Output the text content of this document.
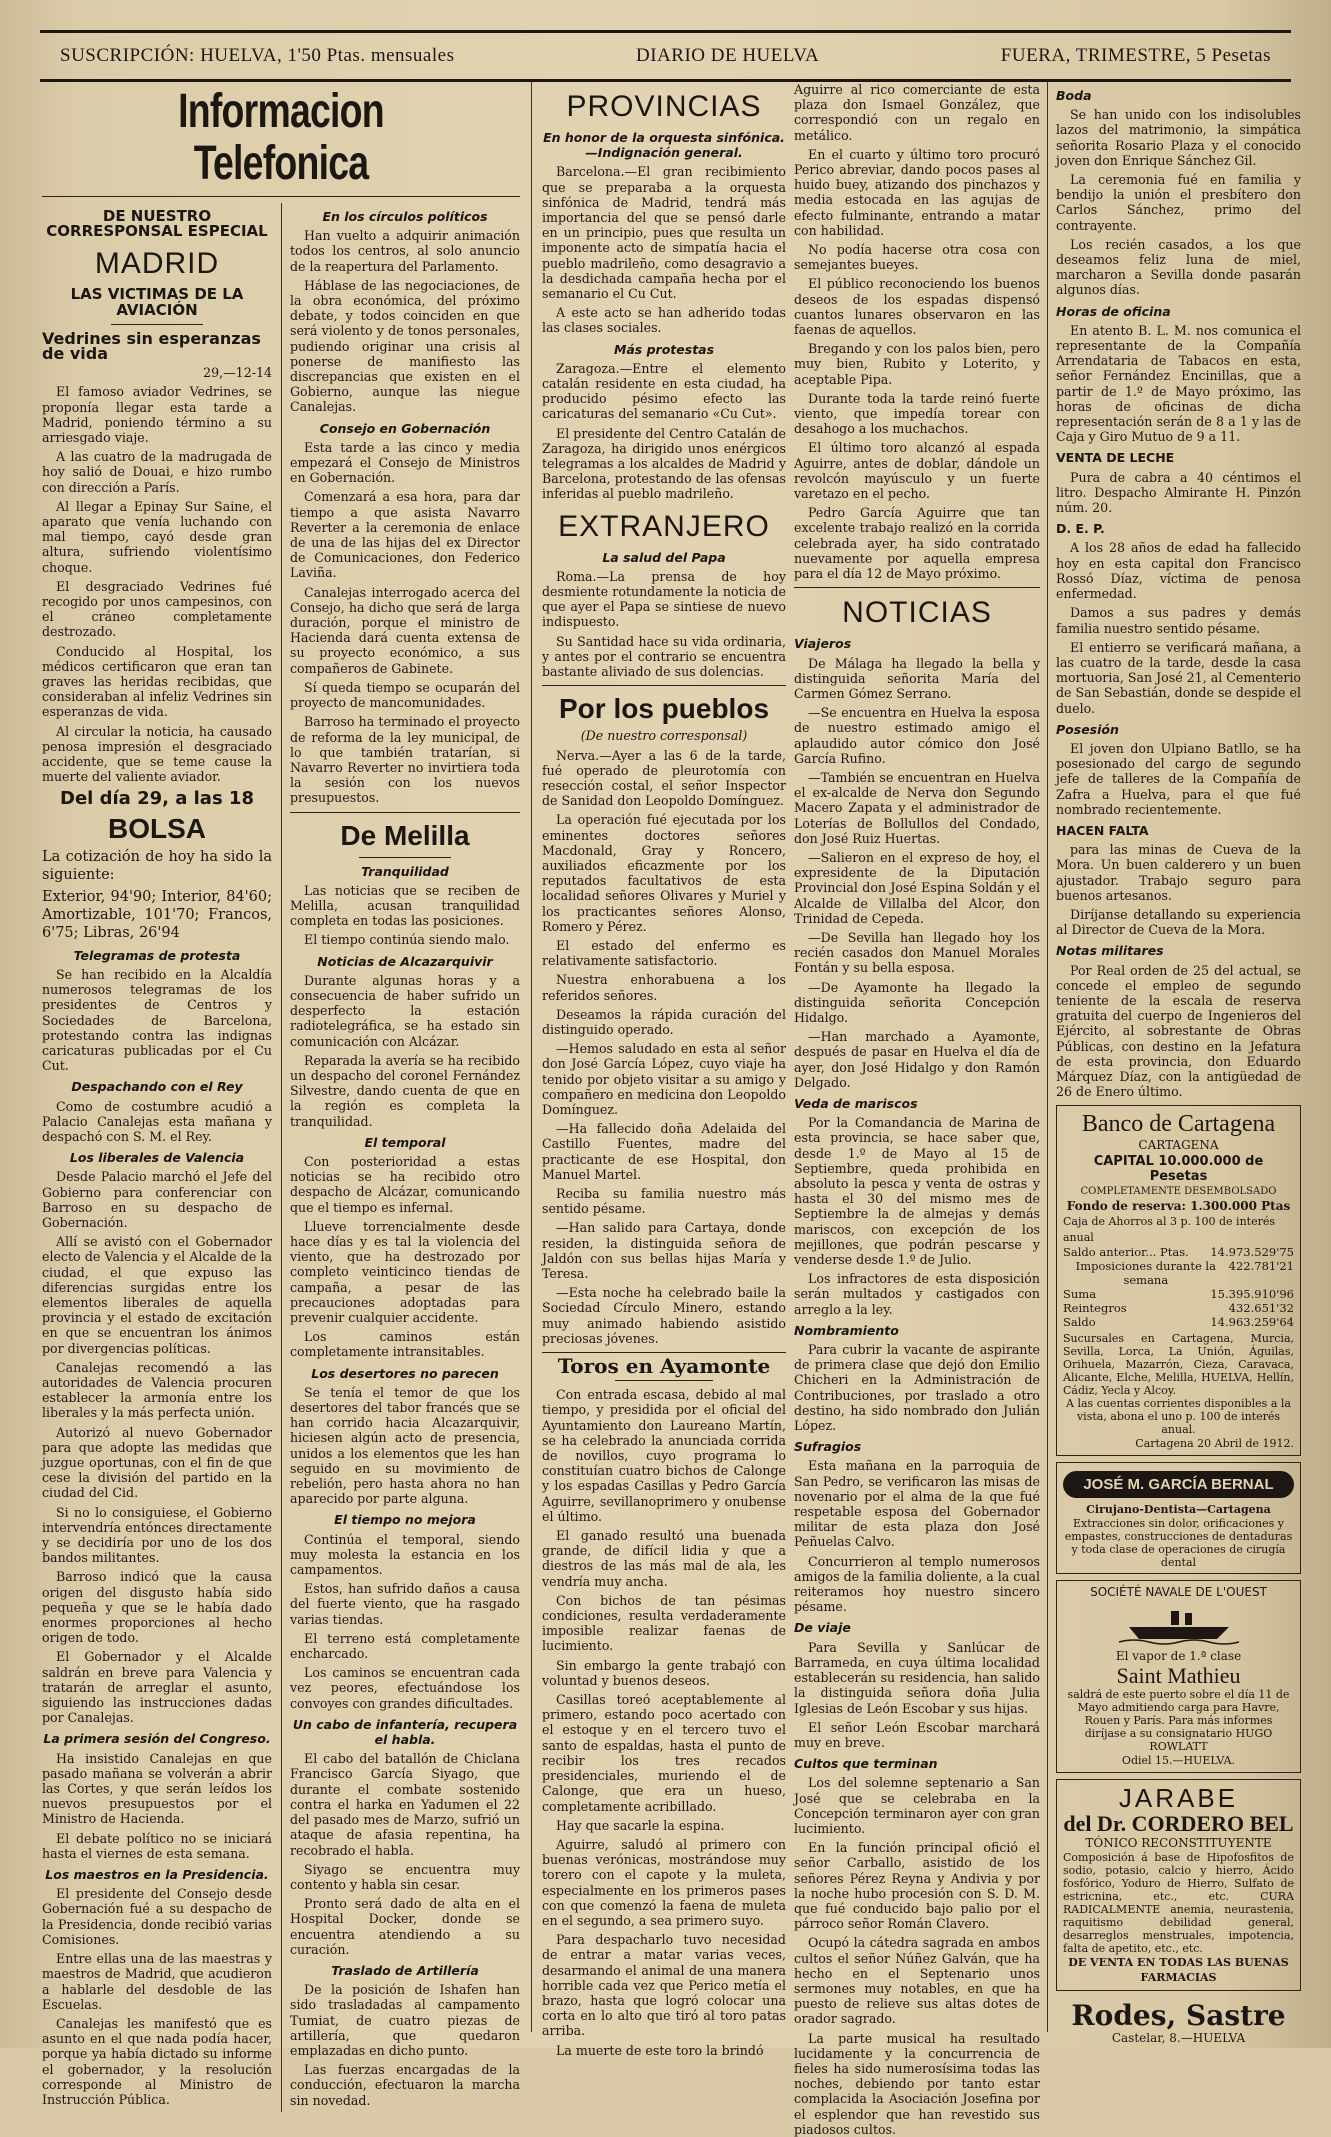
SUSCRIPCIÓN: HUELVA, 1'50 Ptas. mensuales	DIARIO DE HUELVA	FUERA, TRIMESTRE, 5 Pesetas
Informacion Telefonica
DE NUESTRO CORRESPONSAL ESPECIAL
MADRID
LAS VICTIMAS DE LA AVIACIÓN
Vedrines sin esperanzas de vida

29,—12-14

El famoso aviador Vedrines, se proponía llegar esta tarde a Madrid, poniendo término a su arriesgado viaje.

A las cuatro de la madrugada de hoy salió de Douai, e hizo rumbo con dirección a París.

Al llegar a Epinay Sur Saine, el aparato que venía luchando con mal tiempo, cayó desde gran altura, sufriendo violentísimo choque.

El desgraciado Vedrines fué recogido por unos campesinos, con el cráneo completamente destrozado.

Conducido al Hospital, los médicos certificaron que eran tan graves las heridas recibidas, que consideraban al infeliz Vedrines sin esperanzas de vida.

Al circular la noticia, ha causado penosa impresión el desgraciado accidente, que se teme cause la muerte del valiente aviador.

Del día 29, a las 18
BOLSA

La cotización de hoy ha sido la siguiente:

Exterior, 94'90; Interior, 84'60; Amortizable, 101'70; Francos, 6'75; Libras, 26'94

Telegramas de protesta

Se han recibido en la Alcaldía numerosos telegramas de los presidentes de Centros y Sociedades de Barcelona, protestando contra las indignas caricaturas publicadas por el Cu Cut.

Despachando con el Rey

Como de costumbre acudió a Palacio Canalejas esta mañana y despachó con S. M. el Rey.

Los liberales de Valencia

Desde Palacio marchó el Jefe del Gobierno para conferenciar con Barroso en su despacho de Gobernación.

Allí se avistó con el Gobernador electo de Valencia y el Alcalde de la ciudad, el que expuso las diferencias surgidas entre los elementos liberales de aquella provincia y el estado de excitación en que se encuentran los ánimos por divergencias políticas.

Canalejas recomendó a las autoridades de Valencia procuren establecer la armonía entre los liberales y la más perfecta unión.

Autorizó al nuevo Gobernador para que adopte las medidas que juzgue oportunas, con el fin de que cese la división del partido en la ciudad del Cid.

Si no lo consiguiese, el Gobierno intervendría entónces directamente y se decidiría por uno de los dos bandos militantes.

Barroso indicó que la causa origen del disgusto había sido pequeña y que se le había dado enormes proporciones al hecho origen de todo.

El Gobernador y el Alcalde saldrán en breve para Valencia y tratarán de arreglar el asunto, siguiendo las instrucciones dadas por Canalejas.

La primera sesión del Congreso.

Ha insistido Canalejas en que pasado mañana se volverán a abrir las Cortes, y que serán leídos los nuevos presupuestos por el Ministro de Hacienda.

El debate político no se iniciará hasta el viernes de esta semana.

Los maestros en la Presidencia.

El presidente del Consejo desde Gobernación fué a su despacho de la Presidencia, donde recibió varias Comisiones.

Entre ellas una de las maestras y maestros de Madrid, que acudieron a hablarle del desdoble de las Escuelas.

Canalejas les manifestó que es asunto en el que nada podía hacer, porque ya había dictado su informe el gobernador, y la resolución corresponde al Ministro de Instrucción Pública.

En los círculos políticos

Han vuelto a adquirir animación todos los centros, al solo anuncio de la reapertura del Parlamento.

Háblase de las negociaciones, de la obra económica, del próximo debate, y todos coinciden en que será violento y de tonos personales, pudiendo originar una crisis al ponerse de manifiesto las discrepancias que existen en el Gobierno, aunque las niegue Canalejas.

Consejo en Gobernación

Esta tarde a las cinco y media empezará el Consejo de Ministros en Gobernación.

Comenzará a esa hora, para dar tiempo a que asista Navarro Reverter a la ceremonia de enlace de una de las hijas del ex Director de Comunicaciones, don Federico Laviña.

Canalejas interrogado acerca del Consejo, ha dicho que será de larga duración, porque el ministro de Hacienda dará cuenta extensa de su proyecto económico, a sus compañeros de Gabinete.

Sí queda tiempo se ocuparán del proyecto de mancomunidades.

Barroso ha terminado el proyecto de reforma de la ley municipal, de lo que también tratarían, si Navarro Reverter no invirtiera toda la sesión con los nuevos presupuestos.

De Melilla
Tranquilidad

Las noticias que se reciben de Melilla, acusan tranquilidad completa en todas las posiciones.

El tiempo continúa siendo malo.

Noticias de Alcazarquivir

Durante algunas horas y a consecuencia de haber sufrido un desperfecto la estación radiotelegráfica, se ha estado sin comunicación con Alcázar.

Reparada la avería se ha recibido un despacho del coronel Fernández Silvestre, dando cuenta de que en la región es completa la tranquilidad.

El temporal

Con posterioridad a estas noticias se ha recibido otro despacho de Alcázar, comunicando que el tiempo es infernal.

Llueve torrencialmente desde hace días y es tal la violencia del viento, que ha destrozado por completo veinticinco tiendas de campaña, a pesar de las precauciones adoptadas para prevenir cualquier accidente.

Los caminos están completamente intransitables.

Los desertores no parecen

Se tenía el temor de que los desertores del tabor francés que se han corrido hacia Alcazarquivir, hiciesen algún acto de presencia, unidos a los elementos que les han seguido en su movimiento de rebelión, pero hasta ahora no han aparecido por parte alguna.

El tiempo no mejora

Continúa el temporal, siendo muy molesta la estancia en los campamentos.

Estos, han sufrido daños a causa del fuerte viento, que ha rasgado varias tiendas.

El terreno está completamente encharcado.

Los caminos se encuentran cada vez peores, efectuándose los convoyes con grandes dificultades.

Un cabo de infantería, recupera el habla.

El cabo del batallón de Chiclana Francisco García Siyago, que durante el combate sostenido contra el harka en Yadumen el 22 del pasado mes de Marzo, sufrió un ataque de afasia repentina, ha recobrado el habla.

Siyago se encuentra muy contento y habla sin cesar.

Pronto será dado de alta en el Hospital Docker, donde se encuentra atendiendo a su curación.

Traslado de Artillería

De la posición de Ishafen han sido trasladadas al campamento Tumiat, de cuatro piezas de artillería, que quedaron emplazadas en dicho punto.

Las fuerzas encargadas de la conducción, efectuaron la marcha sin novedad.

PROVINCIAS
En honor de la orquesta sinfónica.—Indignación general.

Barcelona.—El gran recibimiento que se preparaba a la orquesta sinfónica de Madrid, tendrá más importancia del que se pensó darle en un principio, pues que resulta un imponente acto de simpatía hacia el pueblo madrileño, como desagravio a la desdichada campaña hecha por el semanario el Cu Cut.

A este acto se han adherido todas las clases sociales.

Más protestas

Zaragoza.—Entre el elemento catalán residente en esta ciudad, ha producido pésimo efecto las caricaturas del semanario «Cu Cut».

El presidente del Centro Catalán de Zaragoza, ha dirigido unos enérgicos telegramas a los alcaldes de Madrid y Barcelona, protestando de las ofensas inferidas al pueblo madrileño.

EXTRANJERO
La salud del Papa

Roma.—La prensa de hoy desmiente rotundamente la noticia de que ayer el Papa se sintiese de nuevo indispuesto.

Su Santidad hace su vida ordinaria, y antes por el contrario se encuentra bastante aliviado de sus dolencias.

Por los pueblos

(De nuestro corresponsal)

Nerva.—Ayer a las 6 de la tarde, fué operado de pleurotomía con resección costal, el señor Inspector de Sanidad don Leopoldo Domínguez.

La operación fué ejecutada por los eminentes doctores señores Macdonald, Gray y Roncero, auxiliados eficazmente por los reputados facultativos de esta localidad señores Olivares y Muriel y los practicantes señores Alonso, Romero y Pérez.

El estado del enfermo es relativamente satisfactorio.

Nuestra enhorabuena a los referidos señores.

Deseamos la rápida curación del distinguido operado.

—Hemos saludado en esta al señor don José García López, cuyo viaje ha tenido por objeto visitar a su amigo y compañero en medicina don Leopoldo Domínguez.

—Ha fallecido doña Adelaida del Castillo Fuentes, madre del practicante de ese Hospital, don Manuel Martel.

Reciba su familia nuestro más sentido pésame.

—Han salido para Cartaya, donde residen, la distinguida señora de Jaldón con sus bellas hijas María y Teresa.

—Esta noche ha celebrado baile la Sociedad Círculo Minero, estando muy animado habiendo asistido preciosas jóvenes.

Toros en Ayamonte

Con entrada escasa, debido al mal tiempo, y presidida por el oficial del Ayuntamiento don Laureano Martín, se ha celebrado la anunciada corrida de novillos, cuyo programa lo constituían cuatro bichos de Calonge y los espadas Casillas y Pedro García Aguirre, sevillanoprimero y onubense el último.

El ganado resultó una buenada grande, de difícil lidia y que a diestros de las más mal de ala, les vendría muy ancha.

Con bichos de tan pésimas condiciones, resulta verdaderamente imposible realizar faenas de lucimiento.

Sin embargo la gente trabajó con voluntad y buenos deseos.

Casillas toreó aceptablemente al primero, estando poco acertado con el estoque y en el tercero tuvo el santo de espaldas, hasta el punto de recibir los tres recados presidenciales, muriendo el de Calonge, que era un hueso, completamente acribillado.

Hay que sacarle la espina.

Aguirre, saludó al primero con buenas verónicas, mostrándose muy torero con el capote y la muleta, especialmente en los primeros pases con que comenzó la faena de muleta en el segundo, a sea primero suyo.

Para despacharlo tuvo necesidad de entrar a matar varias veces, desarmando el animal de una manera horrible cada vez que Perico metía el brazo, hasta que logró colocar una corta en lo alto que tiró al toro patas arriba.

La muerte de este toro la brindó

Aguirre al rico comerciante de esta plaza don Ismael González, que correspondió con un regalo en metálico.

En el cuarto y último toro procuró Perico abreviar, dando pocos pases al huido buey, atizando dos pinchazos y media estocada en las agujas de efecto fulminante, entrando a matar con habilidad.

No podía hacerse otra cosa con semejantes bueyes.

El público reconociendo los buenos deseos de los espadas dispensó cuantos lunares observaron en las faenas de aquellos.

Bregando y con los palos bien, pero muy bien, Rubito y Loterito, y aceptable Pipa.

Durante toda la tarde reinó fuerte viento, que impedía torear con desahogo a los muchachos.

El último toro alcanzó al espada Aguirre, antes de doblar, dándole un revolcón mayúsculo y un fuerte varetazo en el pecho.

Pedro García Aguirre que tan excelente trabajo realizó en la corrida celebrada ayer, ha sido contratado nuevamente por aquella empresa para el día 12 de Mayo próximo.

NOTICIAS
Viajeros

De Málaga ha llegado la bella y distinguida señorita María del Carmen Gómez Serrano.

—Se encuentra en Huelva la esposa de nuestro estimado amigo el aplaudido autor cómico don José García Rufino.

—También se encuentran en Huelva el ex-alcalde de Nerva don Segundo Macero Zapata y el administrador de Loterías de Bollullos del Condado, don José Ruiz Huertas.

—Salieron en el expreso de hoy, el expresidente de la Diputación Provincial don José Espina Soldán y el Alcalde de Villalba del Alcor, don Trinidad de Cepeda.

—De Sevilla han llegado hoy los recién casados don Manuel Morales Fontán y su bella esposa.

—De Ayamonte ha llegado la distinguida señorita Concepción Hidalgo.

—Han marchado a Ayamonte, después de pasar en Huelva el día de ayer, don José Hidalgo y don Ramón Delgado.

Veda de mariscos

Por la Comandancia de Marina de esta provincia, se hace saber que, desde 1.º de Mayo al 15 de Septiembre, queda prohibida en absoluto la pesca y venta de ostras y hasta el 30 del mismo mes de Septiembre la de almejas y demás mariscos, con excepción de los mejillones, que podrán pescarse y venderse desde 1.º de Julio.

Los infractores de esta disposición serán multados y castigados con arreglo a la ley.

Nombramiento

Para cubrir la vacante de aspirante de primera clase que dejó don Emilio Chicheri en la Administración de Contribuciones, por traslado a otro destino, ha sido nombrado don Julián López.

Sufragios

Esta mañana en la parroquia de San Pedro, se verificaron las misas de novenario por el alma de la que fué respetable esposa del Gobernador militar de esta plaza don José Peñuelas Calvo.

Concurrieron al templo numerosos amigos de la familia doliente, a la cual reiteramos hoy nuestro sincero pésame.

De viaje

Para Sevilla y Sanlúcar de Barrameda, en cuya última localidad establecerán su residencia, han salido la distinguida señora doña Julia Iglesias de León Escobar y sus hijas.

El señor León Escobar marchará muy en breve.

Cultos que terminan

Los del solemne septenario a San José que se celebraba en la Concepción terminaron ayer con gran lucimiento.

En la función principal ofició el señor Carballo, asistido de los señores Pérez Reyna y Andivia y por la noche hubo procesión con S. D. M. que fué conducido bajo palio por el párroco señor Román Clavero.

Ocupó la cátedra sagrada en ambos cultos el señor Núñez Galván, que ha hecho en el Septenario unos sermones muy notables, en que ha puesto de relieve sus altas dotes de orador sagrado.

La parte musical ha resultado lucidamente y la concurrencia de fieles ha sido numerosísima todas las noches, debiendo por tanto estar complacida la Asociación Josefina por el esplendor que han revestido sus piadosos cultos.

Boda

Se han unido con los indisolubles lazos del matrimonio, la simpática señorita Rosario Plaza y el conocido joven don Enrique Sánchez Gil.

La ceremonia fué en familia y bendijo la unión el presbítero don Carlos Sánchez, primo del contrayente.

Los recién casados, a los que deseamos feliz luna de miel, marcharon a Sevilla donde pasarán algunos días.

Horas de oficina

En atento B. L. M. nos comunica el representante de la Compañía Arrendataria de Tabacos en esta, señor Fernández Encinillas, que a partir de 1.º de Mayo próximo, las horas de oficinas de dicha representación serán de 8 a 1 y las de Caja y Giro Mutuo de 9 a 11.

VENTA DE LECHE

Pura de cabra a 40 céntimos el litro. Despacho Almirante H. Pinzón núm. 20.

D. E. P.

A los 28 años de edad ha fallecido hoy en esta capital don Francisco Rossó Díaz, víctima de penosa enfermedad.

Damos a sus padres y demás familia nuestro sentido pésame.

El entierro se verificará mañana, a las cuatro de la tarde, desde la casa mortuoria, San José 21, al Cementerio de San Sebastián, donde se despide el duelo.

Posesión

El joven don Ulpiano Batllo, se ha posesionado del cargo de segundo jefe de talleres de la Compañía de Zafra a Huelva, para el que fué nombrado recientemente.

HACEN FALTA

para las minas de Cueva de la Mora. Un buen calderero y un buen ajustador. Trabajo seguro para buenos artesanos.

Diríjanse detallando su experiencia al Director de Cueva de la Mora.

Notas militares

Por Real orden de 25 del actual, se concede el empleo de segundo teniente de la escala de reserva gratuita del cuerpo de Ingenieros del Ejército, al sobrestante de Obras Públicas, con destino en la Jefatura de esta provincia, don Eduardo Márquez Díaz, con la antigüedad de 26 de Enero último.

Banco de Cartagena
CARTAGENA
CAPITAL 10.000.000 de Pesetas
COMPLETAMENTE DESEMBOLSADO
Fondo de reserva: 1.300.000 Ptas
Caja de Ahorros al 3 p. 100 de interés anual
Saldo anterior... Ptas. 14.973.529'75
Imposiciones durante la semana
422.781'21
Suma	15.395.910'96
Reintegros	432.651'32
Saldo	14.963.259'64
Sucursales en Cartagena, Murcia, Sevilla, Lorca, La Unión, Águilas, Orihuela, Mazarrón, Cieza, Caravaca, Alicante, Elche, Melilla, HUELVA, Hellín, Cádiz, Yecla y Alcoy.
A las cuentas corrientes disponibles a la vista, abona el uno p. 100 de interés anual.
Cartagena 20 Abril de 1912.
JOSÉ M. GARCÍA BERNAL
Cirujano-Dentista—Cartagena
Extracciones sin dolor, orificaciones y empastes, construcciones de dentaduras y toda clase de operaciones de cirugía dental
SOCIÉTÉ NAVALE DE L'OUEST
El vapor de 1.ª clase
Saint Mathieu
saldrá de este puerto sobre el día 11 de Mayo admitiendo carga para Havre, Rouen y París. Para más informes diríjase a su consignatario HUGO ROWLATT
Odiel 15.—HUELVA.
JARABE
del Dr. CORDERO BEL
TÓNICO RECONSTITUYENTE
Composición á base de Hipofosfitos de sodio, potasio, calcio y hierro, Ácido fosfórico, Yoduro de Hierro, Sulfato de estricnina, etc., etc. CURA RADICALMENTE anemia, neurastenia, raquitismo debilidad general, desarreglos menstruales, impotencia, falta de apetito, etc., etc.
DE VENTA EN TODAS LAS BUENAS FARMACIAS
Rodes, Sastre
Castelar, 8.—HUELVA
